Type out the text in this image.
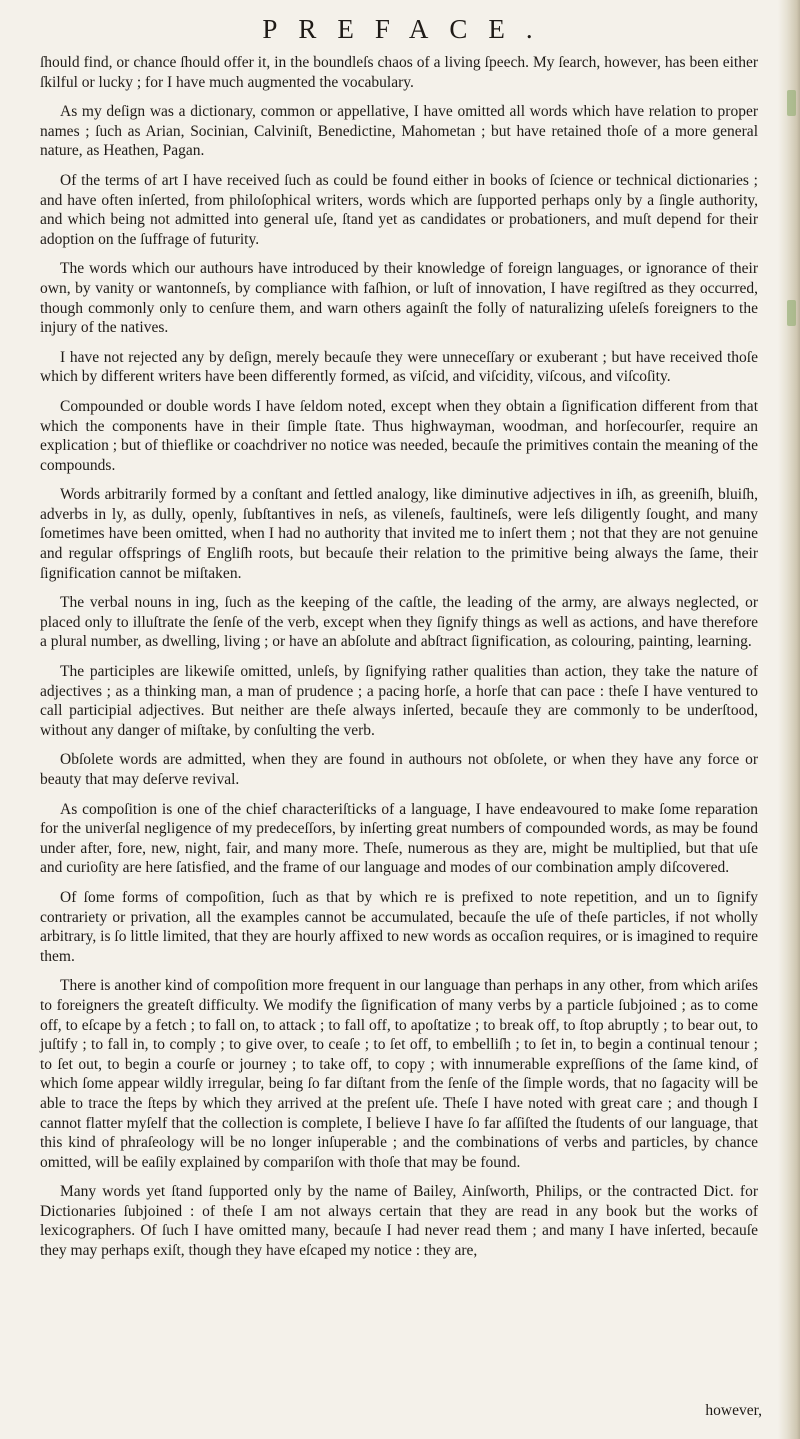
PREFACE.

ſhould find, or chance ſhould offer it, in the boundleſs chaos of a living ſpeech. My ſearch, however, has been either ſkilful or lucky ; for I have much augmented the vocabulary.

As my deſign was a dictionary, common or appellative, I have omitted all words which have relation to proper names ; ſuch as Arian, Socinian, Calviniſt, Benedictine, Mahometan ; but have retained thoſe of a more general nature, as Heathen, Pagan.

Of the terms of art I have received ſuch as could be found either in books of ſcience or technical dictionaries ; and have often inſerted, from philoſophical writers, words which are ſupported perhaps only by a ſingle authority, and which being not admitted into general uſe, ſtand yet as candidates or probationers, and muſt depend for their adoption on the ſuffrage of futurity.

The words which our authours have introduced by their knowledge of foreign languages, or ignorance of their own, by vanity or wantonneſs, by compliance with faſhion, or luſt of innovation, I have regiſtred as they occurred, though commonly only to cenſure them, and warn others againſt the folly of naturalizing uſeleſs foreigners to the injury of the natives.

I have not rejected any by deſign, merely becauſe they were unneceſſary or exuberant ; but have received thoſe which by different writers have been differently formed, as viſcid, and viſcidity, viſcous, and viſcoſity.

Compounded or double words I have ſeldom noted, except when they obtain a ſignification different from that which the components have in their ſimple ſtate. Thus highwayman, woodman, and horſecourſer, require an explication ; but of thieflike or coachdriver no notice was needed, becauſe the primitives contain the meaning of the compounds.

Words arbitrarily formed by a conſtant and ſettled analogy, like diminutive adjectives in iſh, as greeniſh, bluiſh, adverbs in ly, as dully, openly, ſubſtantives in neſs, as vileneſs, faultineſs, were leſs diligently ſought, and many ſometimes have been omitted, when I had no authority that invited me to inſert them ; not that they are not genuine and regular offsprings of Engliſh roots, but becauſe their relation to the primitive being always the ſame, their ſignification cannot be miſtaken.

The verbal nouns in ing, ſuch as the keeping of the caſtle, the leading of the army, are always neglected, or placed only to illuſtrate the ſenſe of the verb, except when they ſignify things as well as actions, and have therefore a plural number, as dwelling, living ; or have an abſolute and abſtract ſignification, as colouring, painting, learning.

The participles are likewiſe omitted, unleſs, by ſignifying rather qualities than action, they take the nature of adjectives ; as a thinking man, a man of prudence ; a pacing horſe, a horſe that can pace : theſe I have ventured to call participial adjectives. But neither are theſe always inſerted, becauſe they are commonly to be underſtood, without any danger of miſtake, by conſulting the verb.

Obſolete words are admitted, when they are found in authours not obſolete, or when they have any force or beauty that may deſerve revival.

As compoſition is one of the chief characteriſticks of a language, I have endeavoured to make ſome reparation for the univerſal negligence of my predeceſſors, by inſerting great numbers of compounded words, as may be found under after, fore, new, night, fair, and many more. Theſe, numerous as they are, might be multiplied, but that uſe and curioſity are here ſatisfied, and the frame of our language and modes of our combination amply diſcovered.

Of ſome forms of compoſition, ſuch as that by which re is prefixed to note repetition, and un to ſignify contrariety or privation, all the examples cannot be accumulated, becauſe the uſe of theſe particles, if not wholly arbitrary, is ſo little limited, that they are hourly affixed to new words as occaſion requires, or is imagined to require them.

There is another kind of compoſition more frequent in our language than perhaps in any other, from which ariſes to foreigners the greateſt difficulty. We modify the ſignification of many verbs by a particle ſubjoined ; as to come off, to eſcape by a fetch ; to fall on, to attack ; to fall off, to apoſtatize ; to break off, to ſtop abruptly ; to bear out, to juſtify ; to fall in, to comply ; to give over, to ceaſe ; to ſet off, to embelliſh ; to ſet in, to begin a continual tenour ; to ſet out, to begin a courſe or journey ; to take off, to copy ; with innumerable expreſſions of the ſame kind, of which ſome appear wildly irregular, being ſo far diſtant from the ſenſe of the ſimple words, that no ſagacity will be able to trace the ſteps by which they arrived at the preſent uſe. Theſe I have noted with great care ; and though I cannot flatter myſelf that the collection is complete, I believe I have ſo far aſſiſted the ſtudents of our language, that this kind of phraſeology will be no longer inſuperable ; and the combinations of verbs and particles, by chance omitted, will be eaſily explained by compariſon with thoſe that may be found.

Many words yet ſtand ſupported only by the name of Bailey, Ainſworth, Philips, or the contracted Dict. for Dictionaries ſubjoined : of theſe I am not always certain that they are read in any book but the works of lexicographers. Of ſuch I have omitted many, becauſe I had never read them ; and many I have inſerted, becauſe they may perhaps exiſt, though they have eſcaped my notice : they are,

however,
